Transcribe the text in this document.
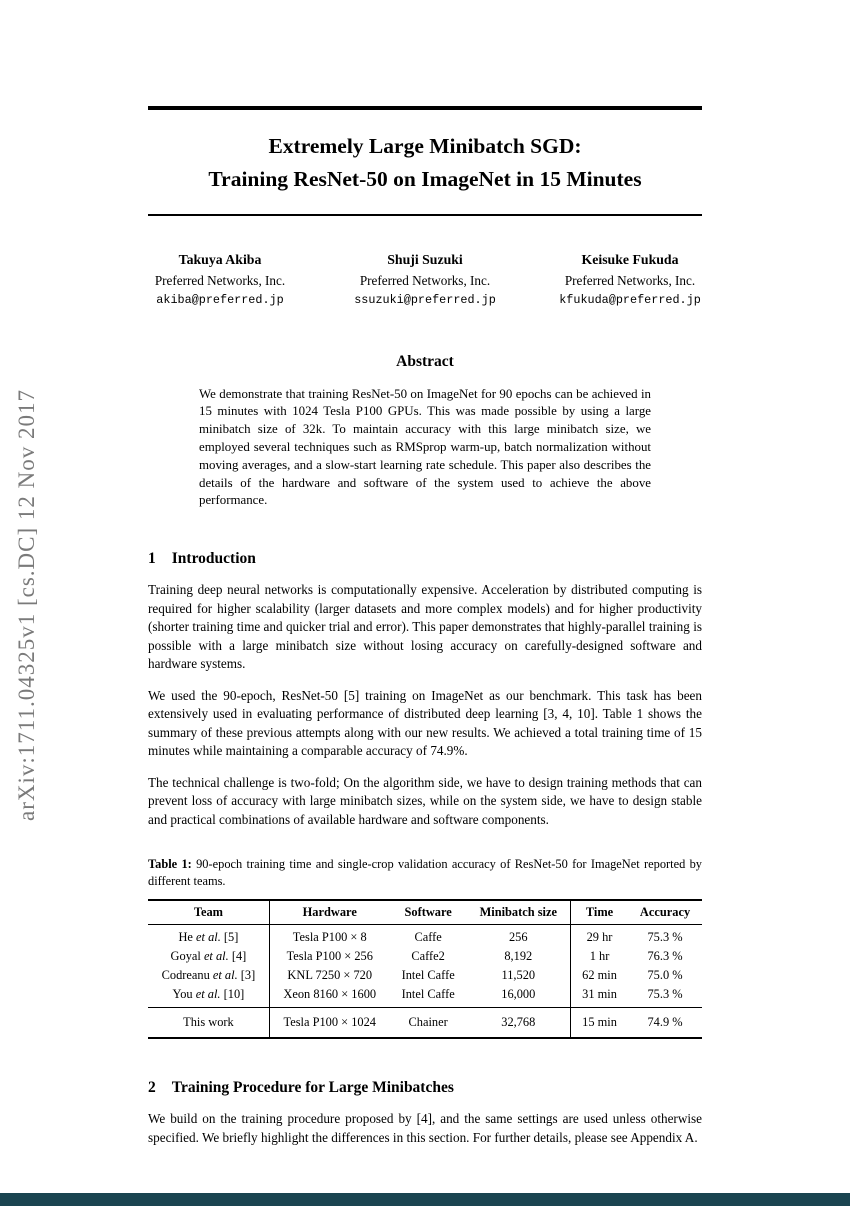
arXiv:1711.04325v1 [cs.DC] 12 Nov 2017
Extremely Large Minibatch SGD:
Training ResNet-50 on ImageNet in 15 Minutes
Takuya Akiba
Preferred Networks, Inc.
akiba@preferred.jp
Shuji Suzuki
Preferred Networks, Inc.
ssuzuki@preferred.jp
Keisuke Fukuda
Preferred Networks, Inc.
kfukuda@preferred.jp
Abstract
We demonstrate that training ResNet-50 on ImageNet for 90 epochs can be achieved in 15 minutes with 1024 Tesla P100 GPUs. This was made possible by using a large minibatch size of 32k. To maintain accuracy with this large minibatch size, we employed several techniques such as RMSprop warm-up, batch normalization without moving averages, and a slow-start learning rate schedule. This paper also describes the details of the hardware and software of the system used to achieve the above performance.
1 Introduction
Training deep neural networks is computationally expensive. Acceleration by distributed computing is required for higher scalability (larger datasets and more complex models) and for higher productivity (shorter training time and quicker trial and error). This paper demonstrates that highly-parallel training is possible with a large minibatch size without losing accuracy on carefully-designed software and hardware systems.
We used the 90-epoch, ResNet-50 [5] training on ImageNet as our benchmark. This task has been extensively used in evaluating performance of distributed deep learning [3, 4, 10]. Table 1 shows the summary of these previous attempts along with our new results. We achieved a total training time of 15 minutes while maintaining a comparable accuracy of 74.9%.
The technical challenge is two-fold; On the algorithm side, we have to design training methods that can prevent loss of accuracy with large minibatch sizes, while on the system side, we have to design stable and practical combinations of available hardware and software components.
Table 1: 90-epoch training time and single-crop validation accuracy of ResNet-50 for ImageNet reported by different teams.
Team	Hardware	Software	Minibatch size	Time	Accuracy
He et al. [5]	Tesla P100 × 8	Caffe	256	29 hr	75.3 %
Goyal et al. [4]	Tesla P100 × 256	Caffe2	8,192	1 hr	76.3 %
Codreanu et al. [3]	KNL 7250 × 720	Intel Caffe	11,520	62 min	75.0 %
You et al. [10]	Xeon 8160 × 1600	Intel Caffe	16,000	31 min	75.3 %
This work	Tesla P100 × 1024	Chainer	32,768	15 min	74.9 %
2 Training Procedure for Large Minibatches
We build on the training procedure proposed by [4], and the same settings are used unless otherwise specified. We briefly highlight the differences in this section. For further details, please see Appendix A.
